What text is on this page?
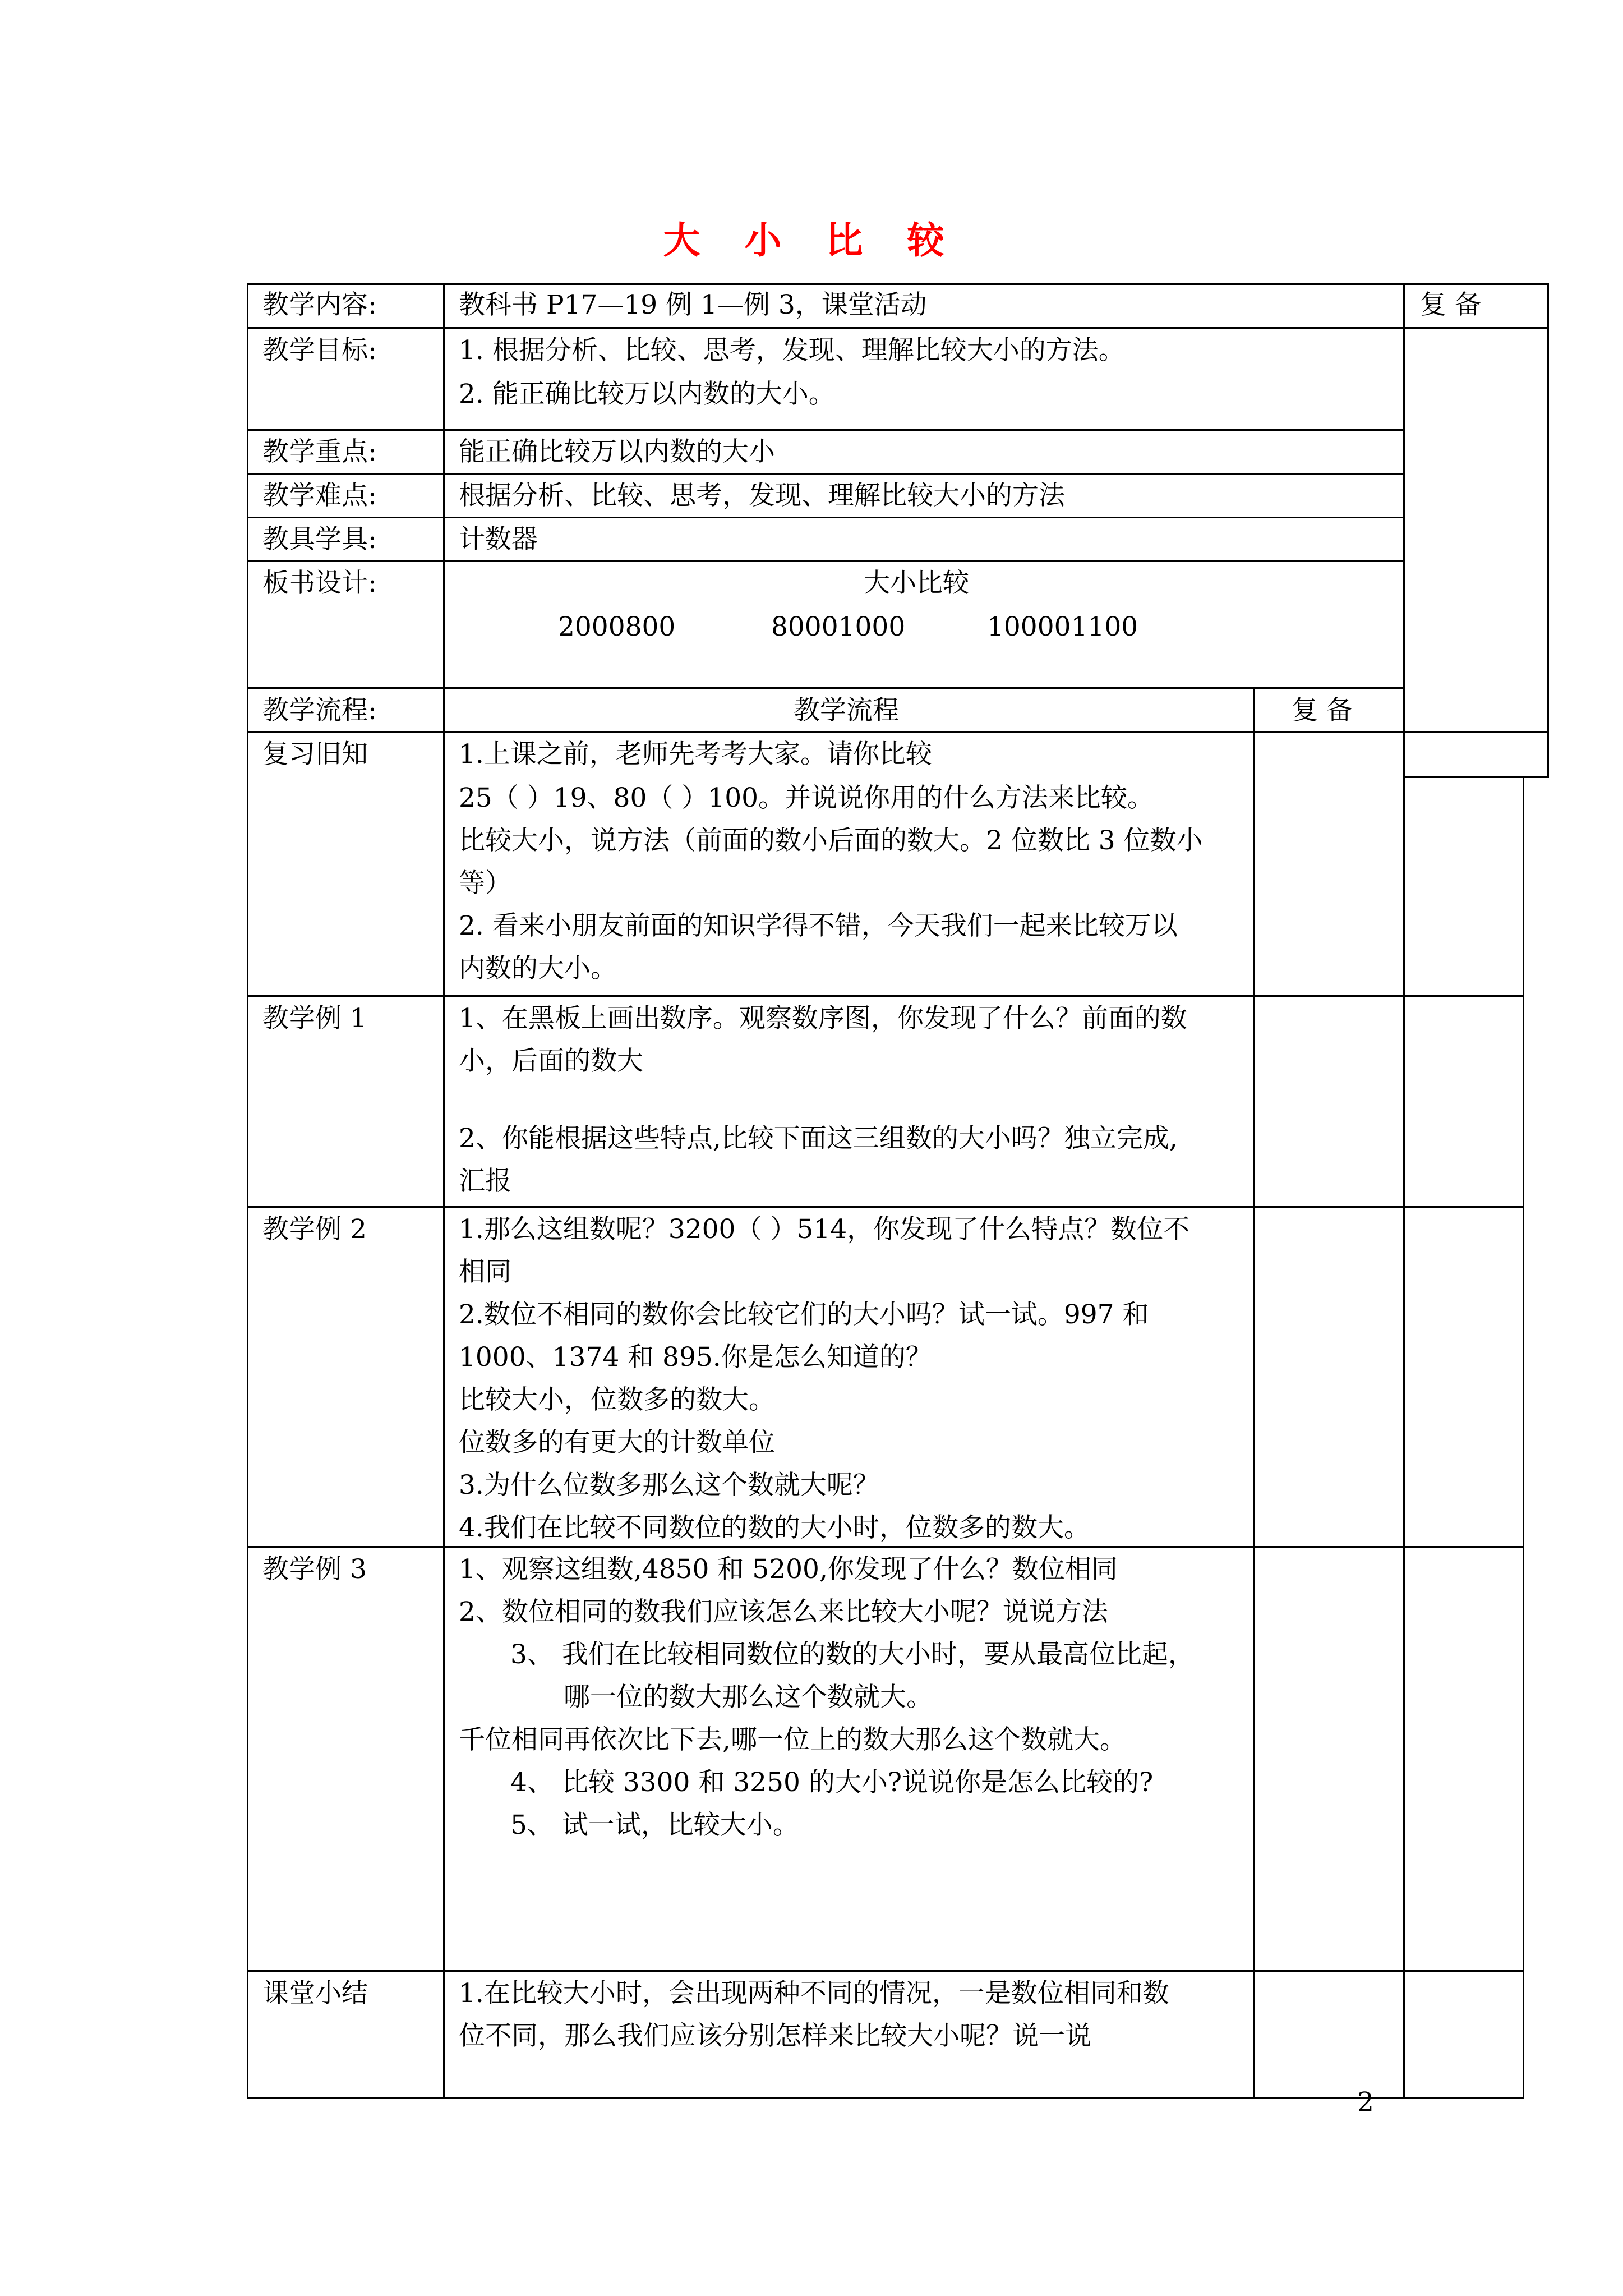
大 小 比 较
教学内容:	教科书 P17—19 例 1—例 3，课堂活动	复 备
教学目标:	1. 根据分析、比较、思考，发现、理解比较大小的方法。
2. 能正确比较万以内数的大小。
教学重点:	能正确比较万以内数的大小
教学难点:	根据分析、比较、思考，发现、理解比较大小的方法
教具学具:	计数器
板书设计:	大小比较
2000800	80001000	100001100
教学流程:	教学流程	复 备
复习旧知	1.上课之前，老师先考考大家。请你比较
25（ ）19、80（ ）100。并说说你用的什么方法来比较。
比较大小，说方法（前面的数小后面的数大。2 位数比 3 位数小
等）
2. 看来小朋友前面的知识学得不错，今天我们一起来比较万以
内数的大小。
教学例 1	1、在黑板上画出数序。观察数序图，你发现了什么？前面的数
小，后面的数大
2、你能根据这些特点,比较下面这三组数的大小吗？独立完成,
汇报
教学例 2	1.那么这组数呢？3200（ ）514，你发现了什么特点？数位不
相同
2.数位不相同的数你会比较它们的大小吗？试一试。997 和
1000、1374 和 895.你是怎么知道的？
比较大小，位数多的数大。
位数多的有更大的计数单位
3.为什么位数多那么这个数就大呢？
4.我们在比较不同数位的数的大小时，位数多的数大。
教学例 3	1、观察这组数,4850 和 5200,你发现了什么？数位相同
2、数位相同的数我们应该怎么来比较大小呢？说说方法
3、 我们在比较相同数位的数的大小时，要从最高位比起，
哪一位的数大那么这个数就大。
千位相同再依次比下去,哪一位上的数大那么这个数就大。
4、 比较 3300 和 3250 的大小?说说你是怎么比较的?
5、 试一试，比较大小。
课堂小结	1.在比较大小时，会出现两种不同的情况，一是数位相同和数
位不同，那么我们应该分别怎样来比较大小呢？说一说
2
